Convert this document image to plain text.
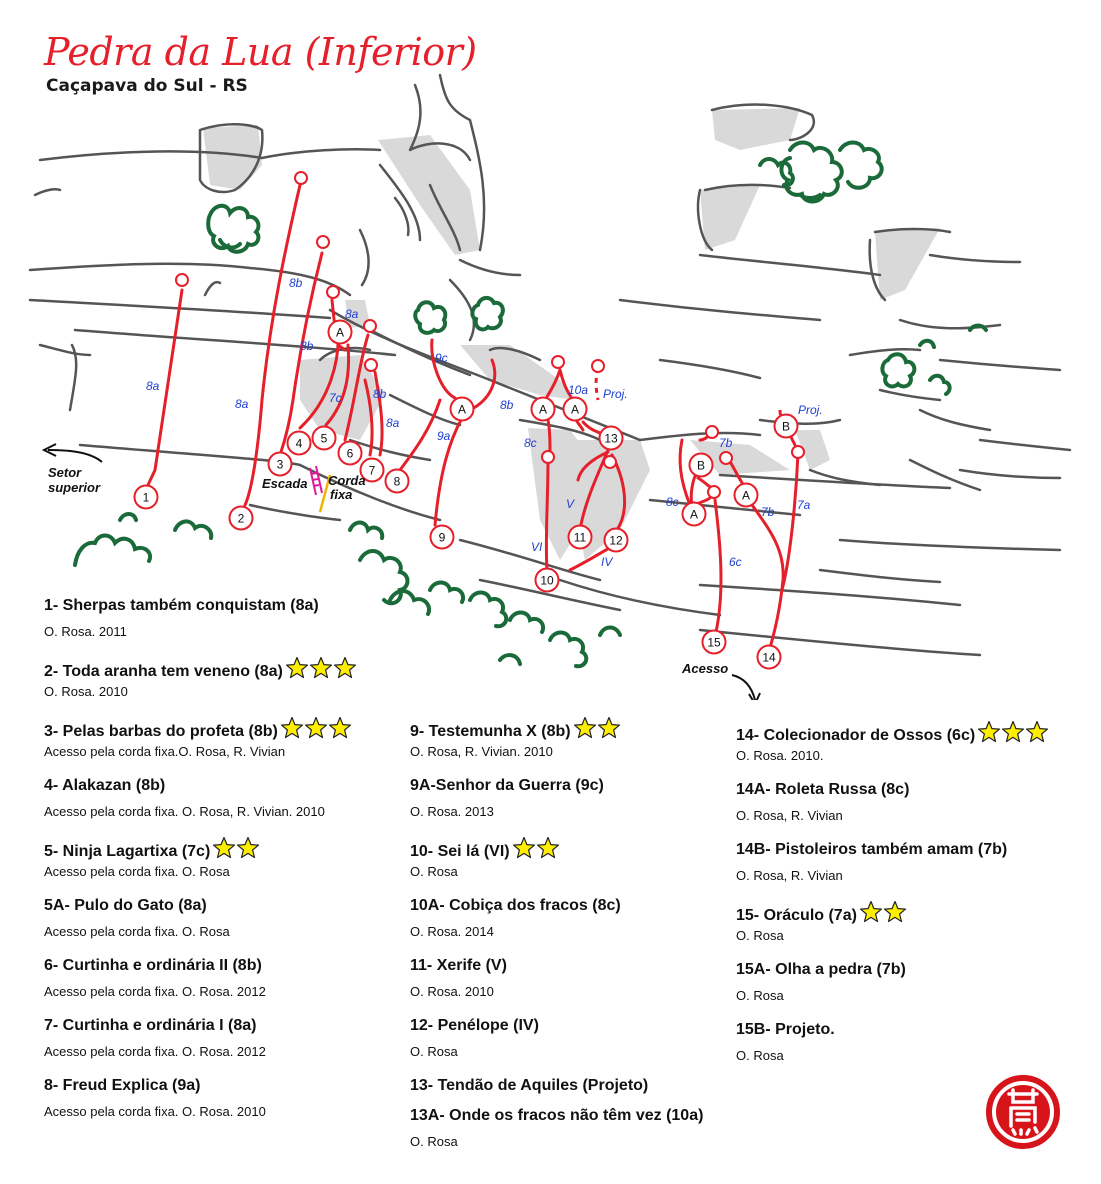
1
2
3
4 5
6
7
8
9
10
11 12
13
14
15
A
A	A A
A
A
B
B
8a
8a
8b
8b
8a
7c	8b
8a
9c
9a
8b
10a
8c
V
VI
IV
7b
8c
7b
6c
7a
Proj.
Proj.
Setor superior	Escada Corda fixa
Acesso
Pedra da Lua (Inferior)

Caçapava do Sul - RS

1- Sherpas também conquistam (8a)
O. Rosa. 2011
2- Toda aranha tem veneno (8a)
O. Rosa. 2010
3- Pelas barbas do profeta (8b)
Acesso pela corda fixa.O. Rosa, R. Vivian
4- Alakazan (8b)
Acesso pela corda fixa. O. Rosa, R. Vivian. 2010
5- Ninja Lagartixa (7c)
Acesso pela corda fixa. O. Rosa
5A- Pulo do Gato (8a)
Acesso pela corda fixa. O. Rosa
6- Curtinha e ordinária II (8b)
Acesso pela corda fixa. O. Rosa. 2012
7- Curtinha e ordinária I (8a)
Acesso pela corda fixa. O. Rosa. 2012
8- Freud Explica (9a)
Acesso pela corda fixa. O. Rosa. 2010
9- Testemunha X (8b)
O. Rosa, R. Vivian. 2010
9A-Senhor da Guerra (9c)
O. Rosa. 2013
10- Sei lá (VI)
O. Rosa
10A- Cobiça dos fracos (8c)
O. Rosa. 2014
11- Xerife (V)
O. Rosa. 2010
12- Penélope (IV)
O. Rosa
13- Tendão de Aquiles (Projeto)
13A- Onde os fracos não têm vez (10a)
O. Rosa
14- Colecionador de Ossos (6c)
O. Rosa. 2010.
14A- Roleta Russa (8c)
O. Rosa, R. Vivian
14B- Pistoleiros também amam (7b)
O. Rosa, R. Vivian
15- Oráculo (7a)
O. Rosa
15A- Olha a pedra (7b)
O. Rosa
15B- Projeto.
O. Rosa
